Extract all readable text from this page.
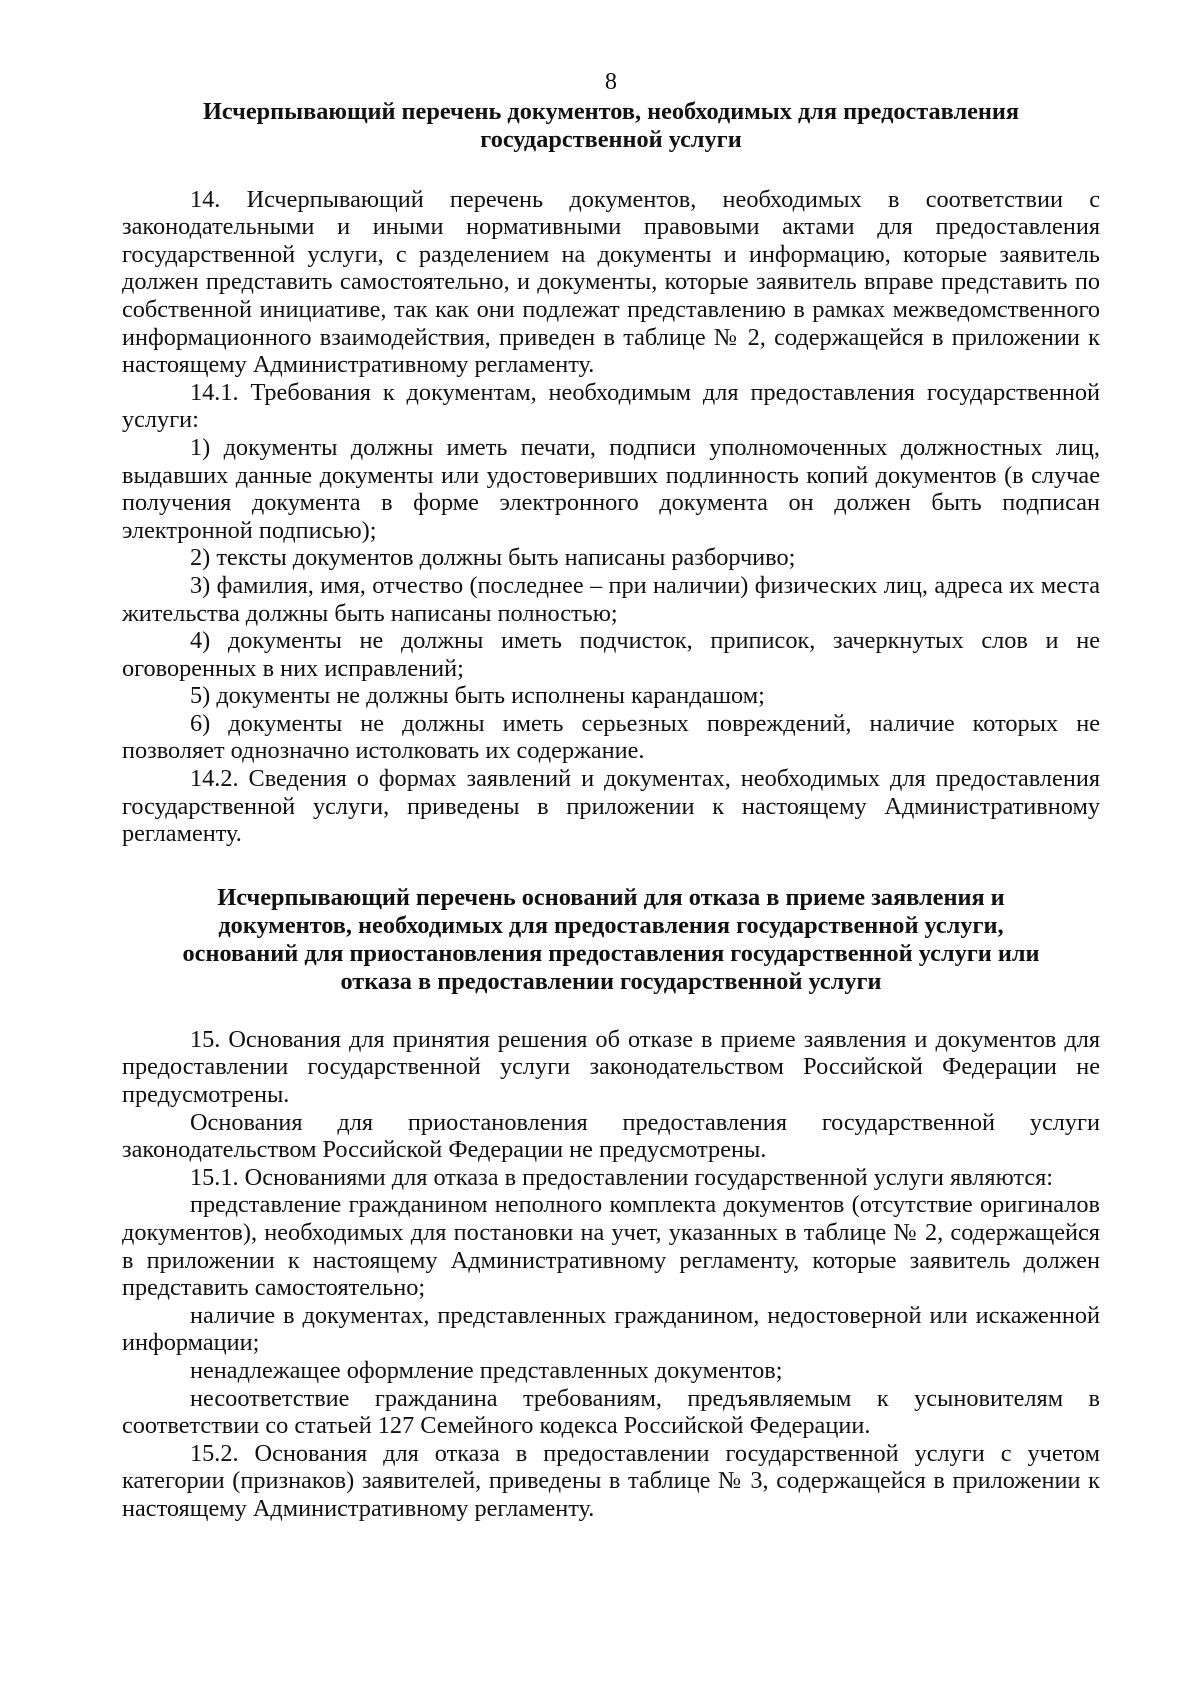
8
Исчерпывающий перечень документов, необходимых для предоставления
государственной услуги

14. Исчерпывающий перечень документов, необходимых в соответствии с законодательными и иными нормативными правовыми актами для предоставления государственной услуги, с разделением на документы и информацию, которые заявитель должен представить самостоятельно, и документы, которые заявитель вправе представить по собственной инициативе, так как они подлежат представлению в рамках межведомственного информационного взаимодействия, приведен в таблице № 2, содержащейся в приложении к настоящему Административному регламенту.

14.1. Требования к документам, необходимым для предоставления государственной услуги:

1) документы должны иметь печати, подписи уполномоченных должностных лиц, выдавших данные документы или удостоверивших подлинность копий документов (в случае получения документа в форме электронного документа он должен быть подписан электронной подписью);

2) тексты документов должны быть написаны разборчиво;

3) фамилия, имя, отчество (последнее – при наличии) физических лиц, адреса их места жительства должны быть написаны полностью;

4) документы не должны иметь подчисток, приписок, зачеркнутых слов и не оговоренных в них исправлений;

5) документы не должны быть исполнены карандашом;

6) документы не должны иметь серьезных повреждений, наличие которых не позволяет однозначно истолковать их содержание.

14.2. Сведения о формах заявлений и документах, необходимых для предоставления государственной услуги, приведены в приложении к настоящему Административному регламенту.

Исчерпывающий перечень оснований для отказа в приеме заявления и
документов, необходимых для предоставления государственной услуги,
оснований для приостановления предоставления государственной услуги или
отказа в предоставлении государственной услуги

15. Основания для принятия решения об отказе в приеме заявления и документов для предоставлении государственной услуги законодательством Российской Федерации не предусмотрены.

Основания для приостановления предоставления государственной услуги законодательством Российской Федерации не предусмотрены.

15.1. Основаниями для отказа в предоставлении государственной услуги являются:

представление гражданином неполного комплекта документов (отсутствие оригиналов документов), необходимых для постановки на учет, указанных в таблице № 2, содержащейся в приложении к настоящему Административному регламенту, которые заявитель должен представить самостоятельно;

наличие в документах, представленных гражданином, недостоверной или искаженной информации;

ненадлежащее оформление представленных документов;

несоответствие гражданина требованиям, предъявляемым к усыновителям в соответствии со статьей 127 Семейного кодекса Российской Федерации.

15.2. Основания для отказа в предоставлении государственной услуги с учетом категории (признаков) заявителей, приведены в таблице № 3, содержащейся в приложении к настоящему Административному регламенту.
